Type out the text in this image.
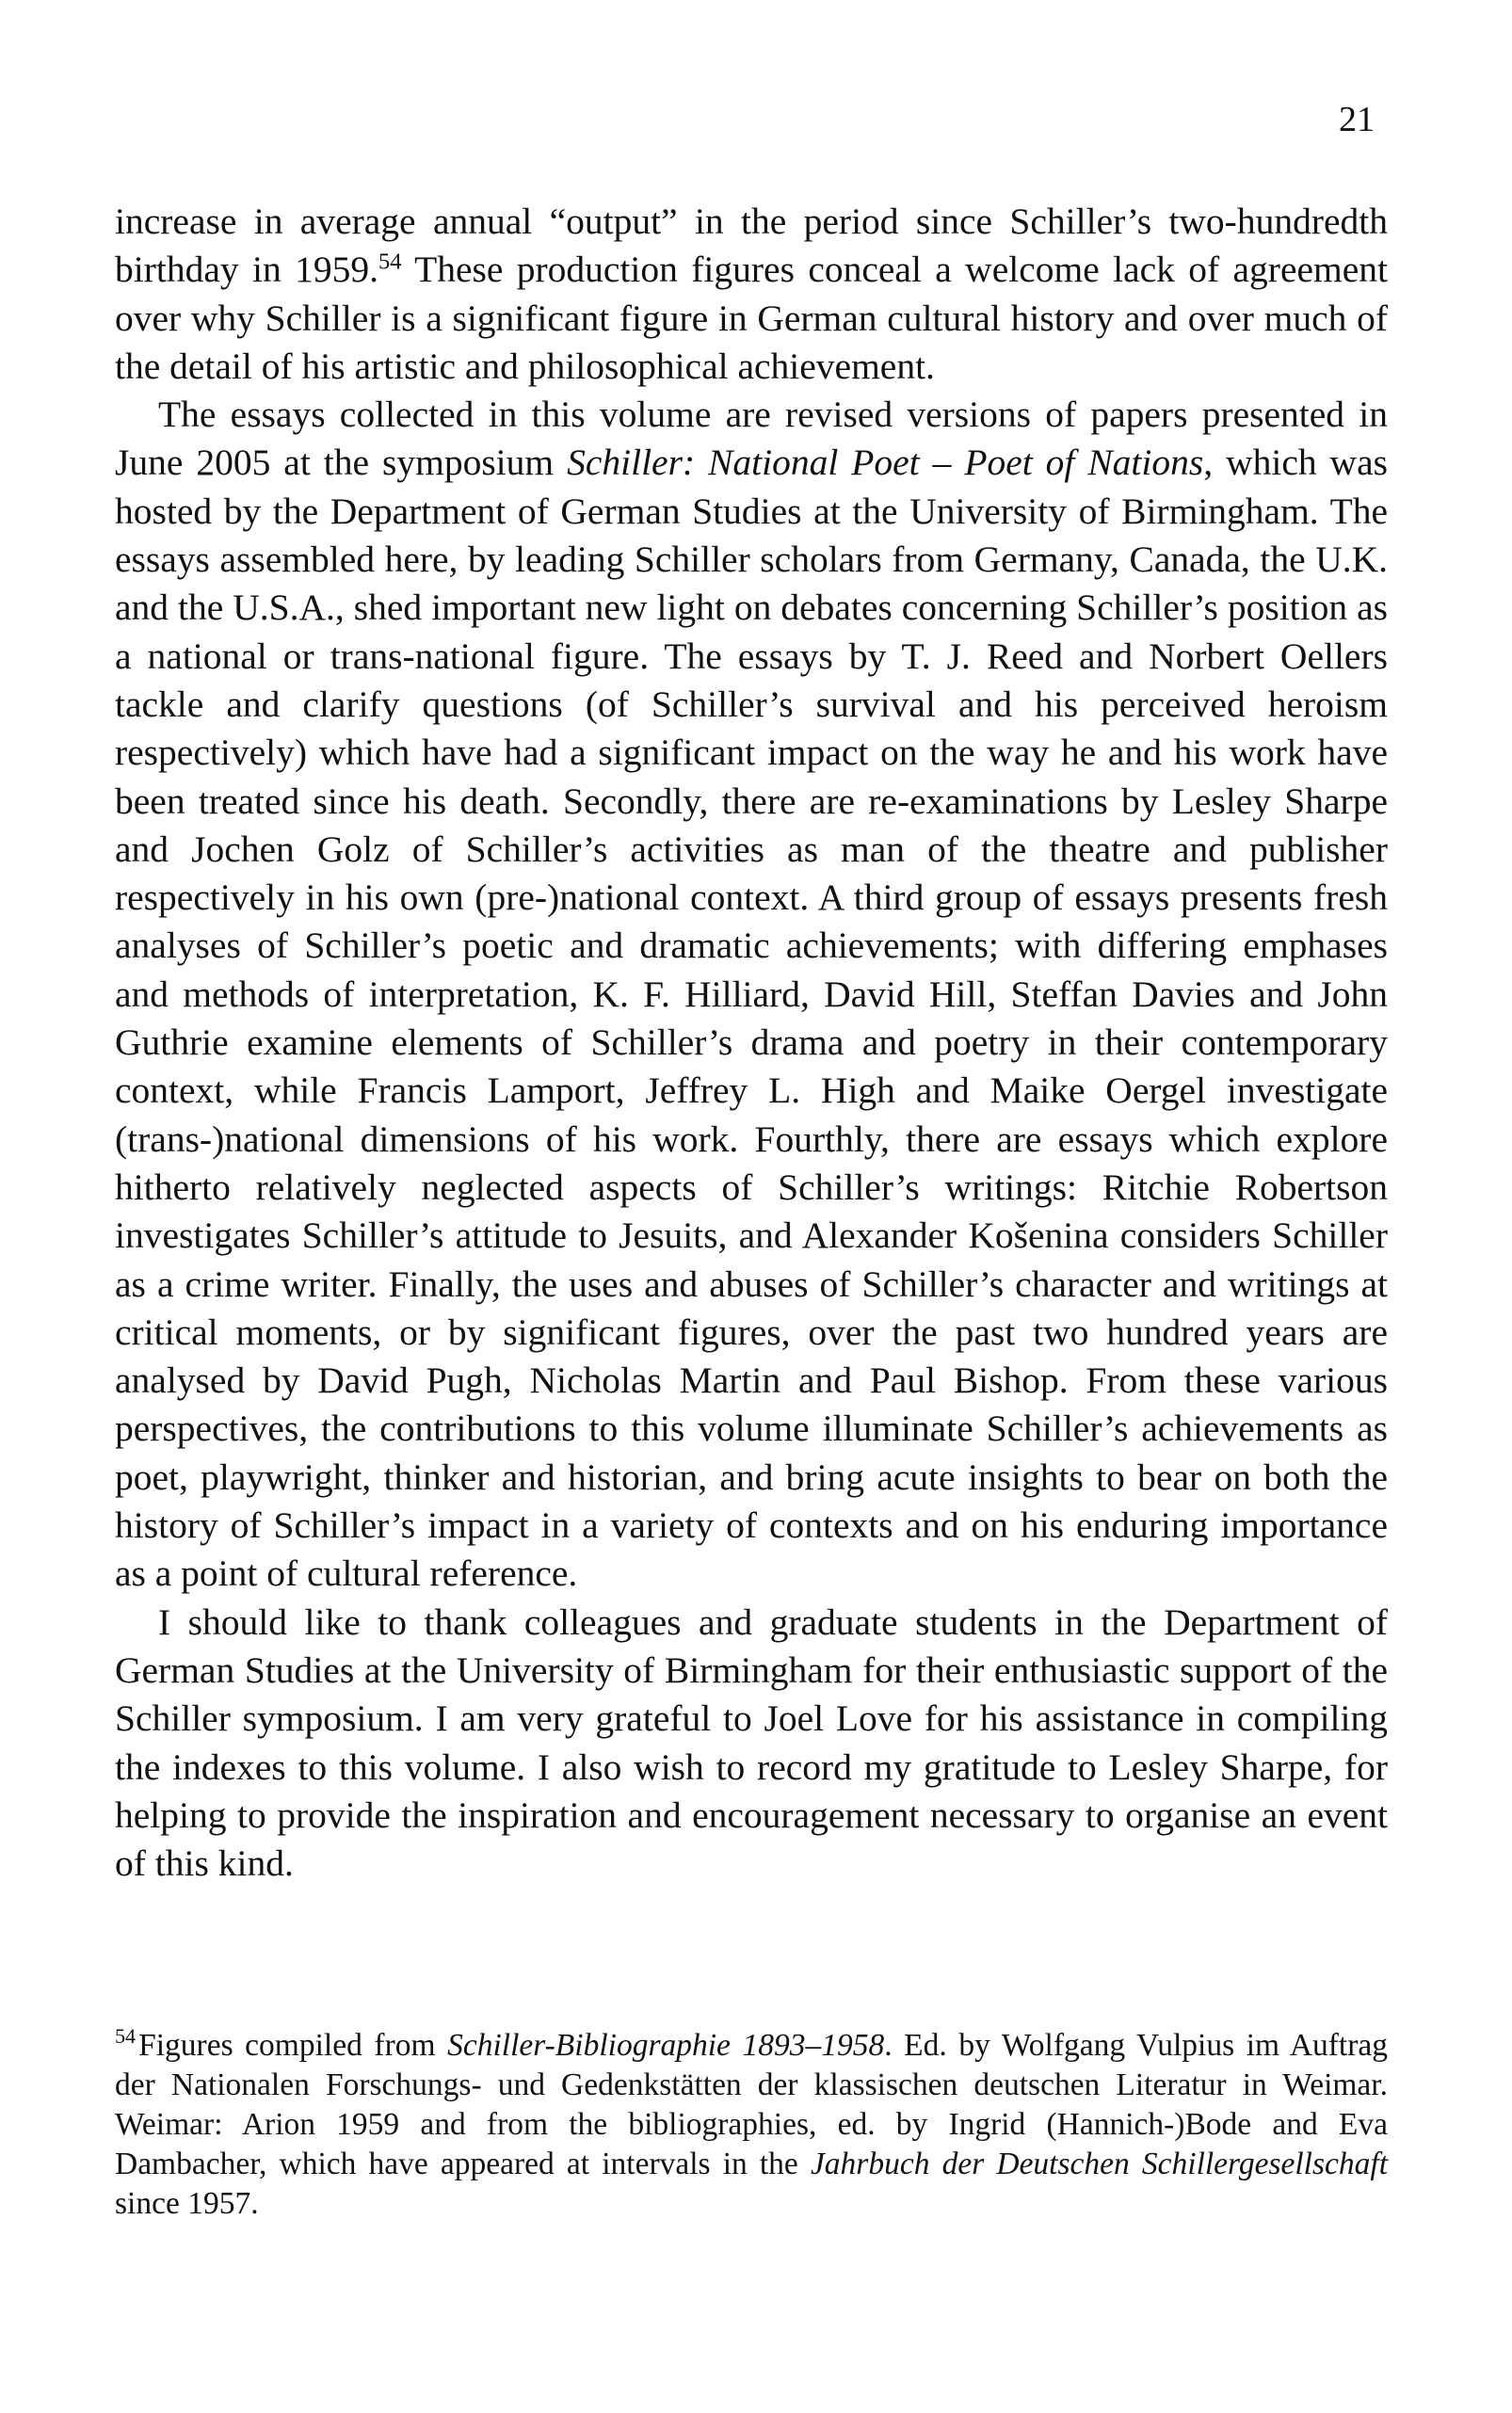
21

increase in average annual “output” in the period since Schiller’s two-hundredth birthday in 1959.54 These production figures conceal a welcome lack of agreement over why Schiller is a significant figure in German cultural history and over much of the detail of his artistic and philosophical achievement.

The essays collected in this volume are revised versions of papers presented in June 2005 at the symposium Schiller: National Poet – Poet of Nations, which was hosted by the Department of German Studies at the University of Birmingham. The essays assembled here, by leading Schiller scholars from Germany, Canada, the U.K. and the U.S.A., shed important new light on debates concerning Schiller’s position as a national or trans-national figure. The essays by T. J. Reed and Norbert Oellers tackle and clarify questions (of Schiller’s survival and his perceived heroism respectively) which have had a significant impact on the way he and his work have been treated since his death. Secondly, there are re-examinations by Lesley Sharpe and Jochen Golz of Schiller’s activities as man of the theatre and publisher respectively in his own (pre-)national context. A third group of essays presents fresh analyses of Schiller’s poetic and dramatic achievements; with differing emphases and methods of interpretation, K. F. Hilliard, David Hill, Steffan Davies and John Guthrie examine elements of Schiller’s drama and poetry in their contemporary context, while Francis Lamport, Jeffrey L. High and Maike Oergel investigate (trans-)national dimensions of his work. Fourthly, there are essays which explore hitherto relatively neglected aspects of Schiller’s writings: Ritchie Robertson investigates Schiller’s attitude to Jesuits, and Alexander Košenina considers Schiller as a crime writer. Finally, the uses and abuses of Schiller’s character and writings at critical moments, or by significant figures, over the past two hundred years are analysed by David Pugh, Nicholas Martin and Paul Bishop. From these various perspectives, the contributions to this volume illuminate Schiller’s achievements as poet, playwright, thinker and historian, and bring acute insights to bear on both the history of Schiller’s impact in a variety of contexts and on his enduring importance as a point of cultural reference.

I should like to thank colleagues and graduate students in the Department of German Studies at the University of Birmingham for their enthusiastic support of the Schiller symposium. I am very grateful to Joel Love for his assistance in compiling the indexes to this volume. I also wish to record my gratitude to Lesley Sharpe, for helping to provide the inspiration and encouragement necessary to organise an event of this kind.

$^{54}$Figures compiled from Schiller-Bibliographie 1893–1958. Ed. by Wolfgang Vulpius im Auftrag der Nationalen Forschungs- und Gedenkstätten der klassischen deutschen Literatur in Weimar. Weimar: Arion 1959 and from the bibliographies, ed. by Ingrid (Hannich-)Bode and Eva Dambacher, which have appeared at intervals in the Jahrbuch der Deutschen Schillergesellschaft since 1957.
